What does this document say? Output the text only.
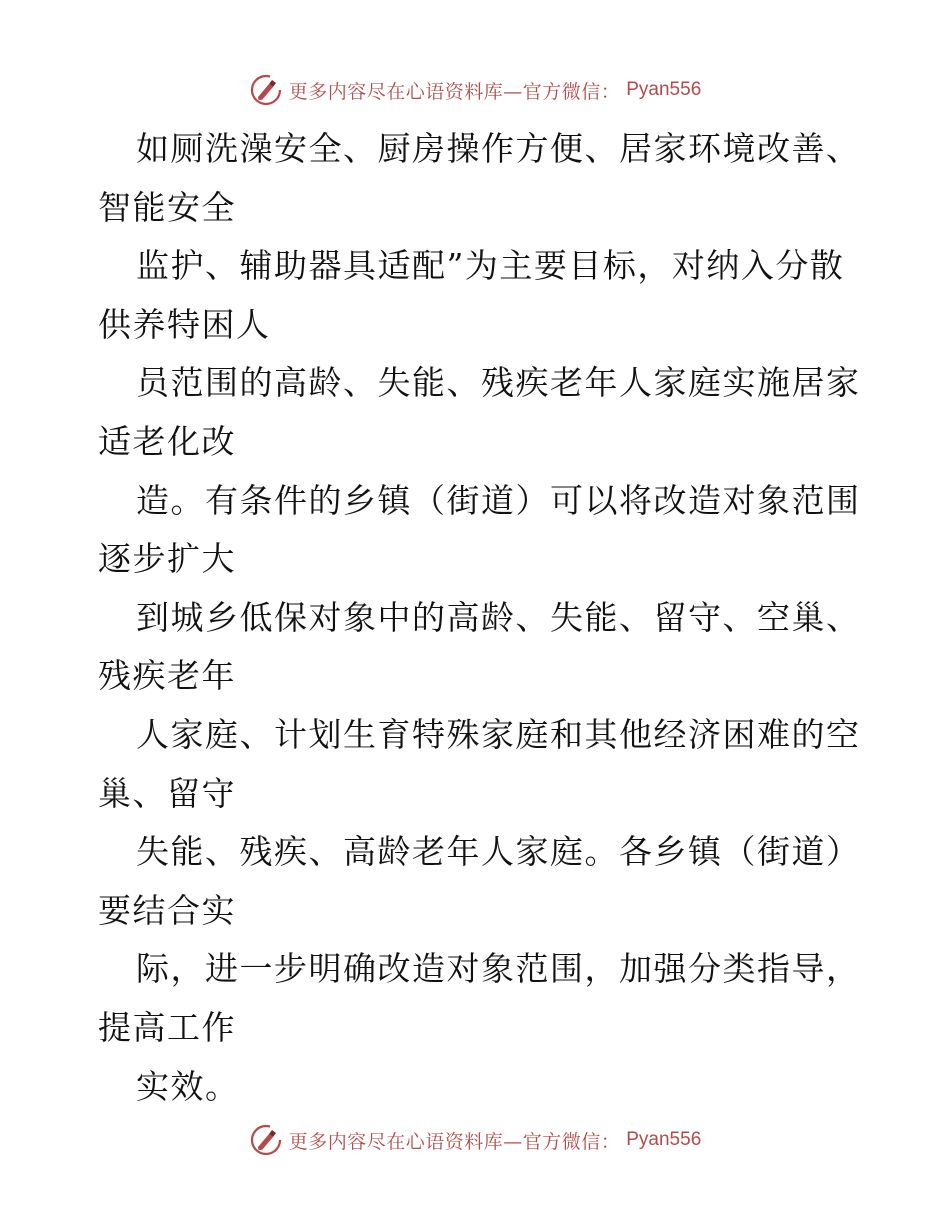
更多内容尽在心语资料库—官方微信： Pyan556

如厕洗澡安全、厨房操作方便、居家环境改善、
智能安全
监护、辅助器具适配”为主要目标，对纳入分散
供养特困人
员范围的高龄、失能、残疾老年人家庭实施居家
适老化改
造。有条件的乡镇（街道）可以将改造对象范围
逐步扩大
到城乡低保对象中的高龄、失能、留守、空巢、
残疾老年
人家庭、计划生育特殊家庭和其他经济困难的空
巢、留守
失能、残疾、高龄老年人家庭。各乡镇（街道）
要结合实
际，进一步明确改造对象范围，加强分类指导，
提高工作
实效。

更多内容尽在心语资料库—官方微信： Pyan556
